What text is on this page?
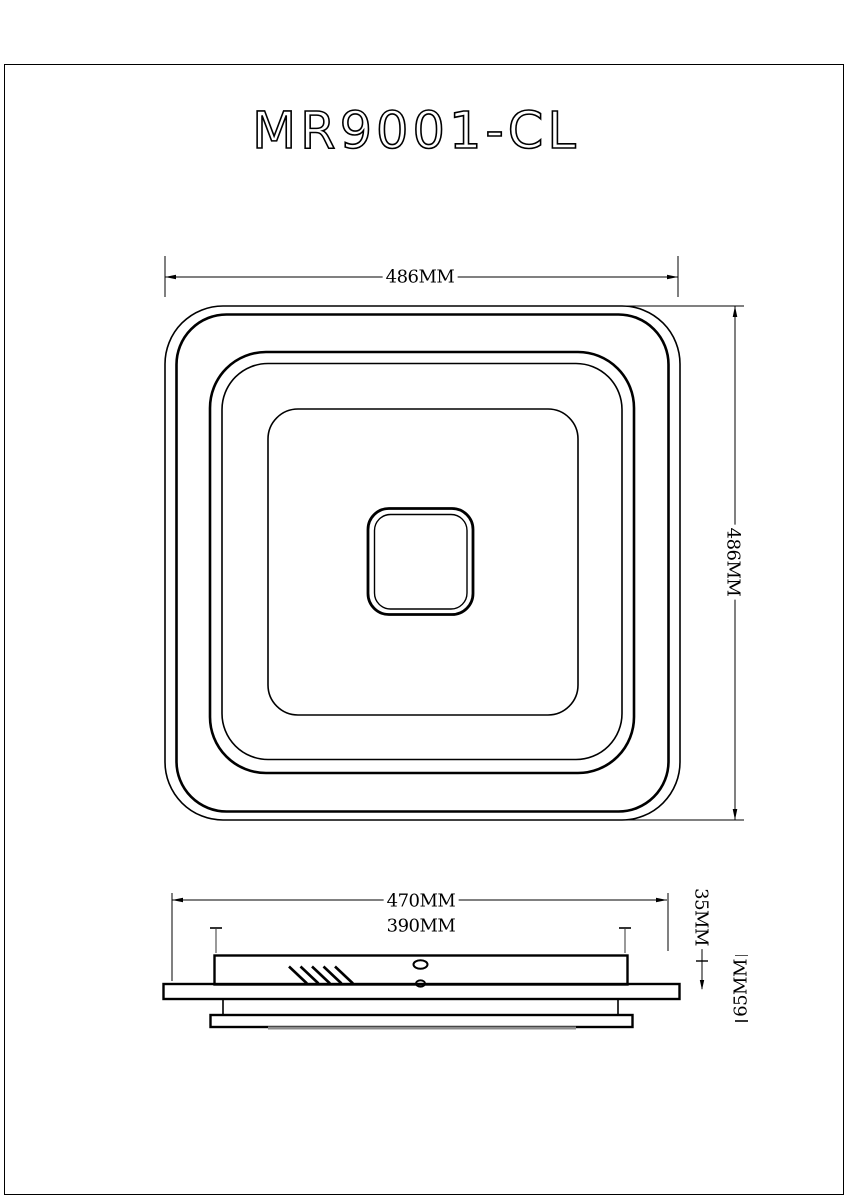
MR9001-CL
486MM
486MM
470MM
390MM	35MM
65MM
